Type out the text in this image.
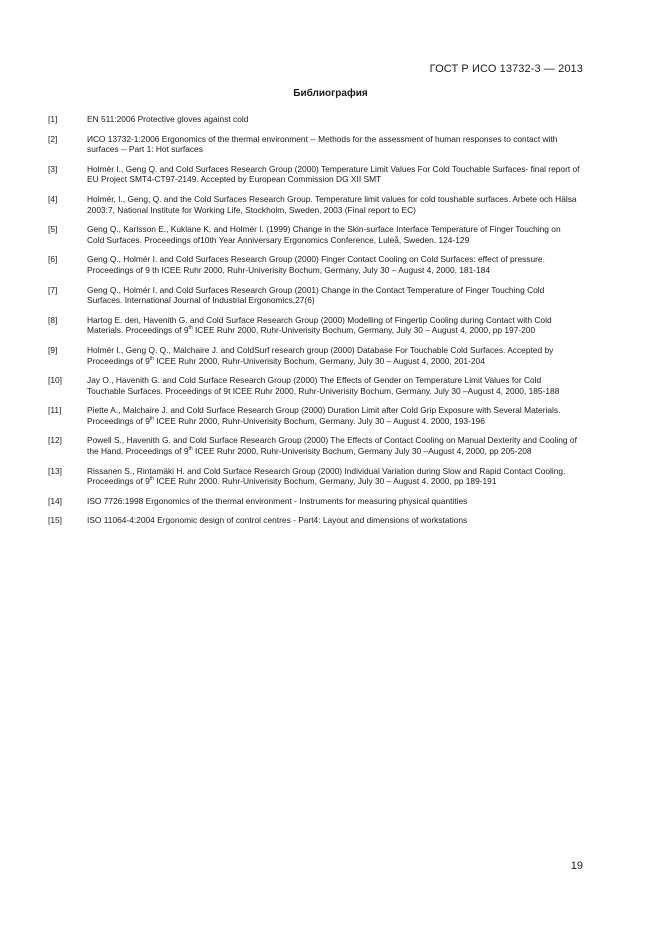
ГОСТ Р ИСО 13732-3 — 2013
Библиография
[1]	EN 511:2006 Protective gloves against cold
[2]	ИСО 13732-1:2006 Ergonomics of the thermal environment -- Methods for the assessment of human responses to contact with surfaces -- Part 1: Hot surfaces
[3]	Holmér I., Geng Q. and Cold Surfaces Research Group (2000) Temperature Limit Values For Cold Touchable Surfaces- final report of EU Project SMT4-CT97-2149. Accepted by European Commission DG XII SMT
[4]	Holmér, I., Geng, Q. and the Cold Surfaces Research Group. Temperature limit values for cold toushable surfaces. Arbete och Hälsa 2003:7, National Institute for Working Life, Stockholm, Sweden, 2003 (Final report to EC)
[5]	Geng Q., Karlsson E., Kuklane K. and Holmér I. (1999) Change in the Skin-surface Interface Temperature of Finger Touching on Cold Surfaces. Proceedings of10th Year Anniversary Ergonomics Conference, Luleå, Sweden. 124-129
[6]	Geng Q., Holmér I. and Cold Surfaces Research Group (2000) Finger Contact Cooling on Cold Surfaces: effect of pressure. Proceedings of 9 th ICEE Ruhr 2000, Ruhr-Univerisity Bochum, Germany, July 30 – August 4, 2000, 181-184
[7]	Geng Q., Holmér I. and Cold Surfaces Research Group (2001) Change in the Contact Temperature of Finger Touching Cold Surfaces. International Journal of Industrial Ergonomics,27(6)
[8]	Hartog E. den, Havenith G. and Cold Surface Research Group (2000) Modelling of Fingertip Cooling during Contact with Cold Materials. Proceedings of 9th ICEE Ruhr 2000, Ruhr-Univerisity Bochum, Germany, July 30 – August 4, 2000, pp 197-200
[9]	Holmér I., Geng Q. Q., Malchaire J. and ColdSurf research group (2000) Database For Touchable Cold Surfaces. Accepted by Proceedings of 9th ICEE Ruhr 2000, Ruhr-Univerisity Bochum, Germany, July 30 – August 4, 2000, 201-204
[10]	Jay O., Havenith G. and Cold Surface Research Group (2000) The Effects of Gender on Temperature Limit Values for Cold Touchable Surfaces. Proceedings of 9t ICEE Ruhr 2000, Ruhr-Univerisity Bochum, Germany. July 30 –August 4, 2000, 185-188
[11]	Piette A., Malchaire J. and Cold Surface Research Group (2000) Duration Limit after Cold Grip Exposure with Several Materials. Proceedings of 9th ICEE Ruhr 2000, Ruhr-Univerisity Bochum, Germany. July 30 – August 4. 2000, 193-196
[12]	Powell S., Havenith G. and Cold Surface Research Group (2000) The Effects of Contact Cooling on Manual Dexterity and Cooling of the Hand. Proceedings of 9th ICEE Ruhr 2000, Ruhr-Univerisity Bochum, Germany July 30 –August 4, 2000, pp 205-208
[13]	Rissanen S., Rintamäki H. and Cold Surface Research Group (2000) Individual Variation during Slow and Rapid Contact Cooling. Proceedings of 9th ICEE Ruhr 2000. Ruhr-Univerisity Bochum, Germany, July 30 – August 4. 2000, pp 189-191
[14]	ISO 7726:1998 Ergonomics of the thermal environment - Instruments for measuring physical quantities
[15]	ISO 11064-4:2004 Ergonomic design of control centres - Part4: Layout and dimensions of workstations
19
